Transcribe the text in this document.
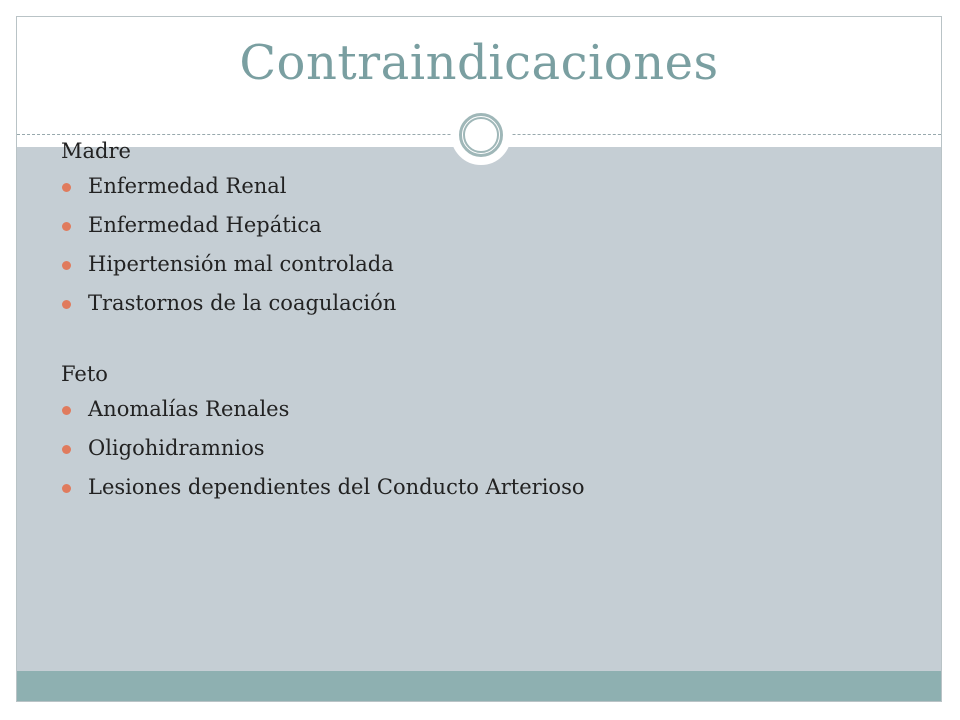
Contraindicaciones
Madre
Enfermedad Renal
Enfermedad Hepática
Hipertensión mal controlada
Trastornos de la coagulación
Feto
Anomalías Renales
Oligohidramnios
Lesiones dependientes del Conducto Arterioso
